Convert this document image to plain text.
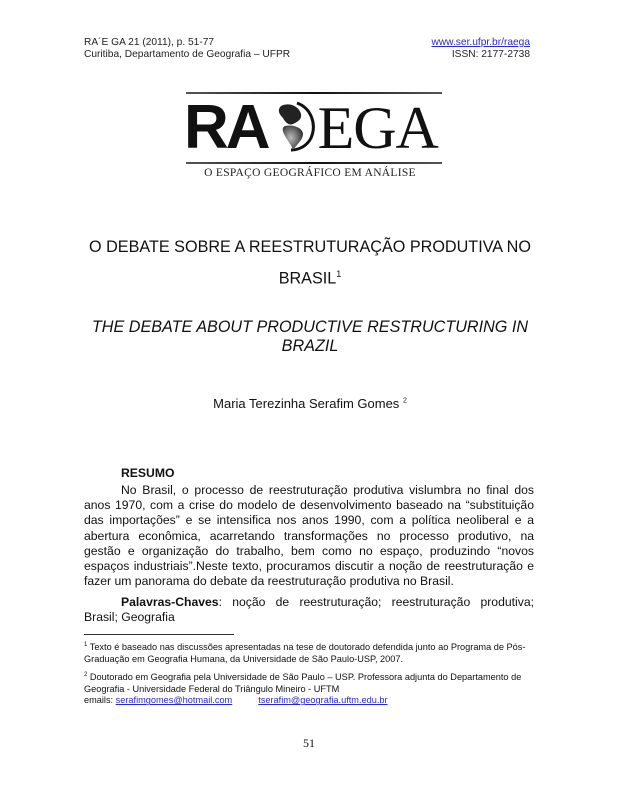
RA´E GA 21 (2011), p. 51-77
Curitiba, Departamento de Geografia – UFPR
www.ser.ufpr.br/raega
ISSN: 2177-2738
RA EGA
O ESPAÇO GEOGRÁFICO EM ANÁLISE
O DEBATE SOBRE A REESTRUTURAÇÃO PRODUTIVA NO
BRASIL$^1$
THE DEBATE ABOUT PRODUCTIVE RESTRUCTURING IN
BRAZIL
Maria Terezinha Serafim Gomes $^2$
RESUMO

No Brasil, o processo de reestruturação produtiva vislumbra no final dos anos 1970, com a crise do modelo de desenvolvimento baseado na “substituição das importações” e se intensifica nos anos 1990, com a política neoliberal e a abertura econômica, acarretando transformações no processo produtivo, na gestão e organização do trabalho, bem como no espaço, produzindo “novos espaços industriais”.Neste texto, procuramos discutir a noção de reestruturação e fazer um panorama do debate da reestruturação produtiva no Brasil.

Palavras-Chaves: noção de reestruturação; reestruturação produtiva; Brasil; Geografia

$^1$ Texto é baseado nas discussões apresentadas na tese de doutorado defendida junto ao Programa de Pós-Graduação em Geografia Humana, da Universidade de São Paulo-USP, 2007.
$^2$ Doutorado em Geografia pela Universidade de São Paulo – USP. Professora adjunta do Departamento de Geografia - Universidade Federal do Triângulo Mineiro - UFTM
emails: serafimgomes@hotmail.com	tserafim@geografia.uftm.edu.br
51
